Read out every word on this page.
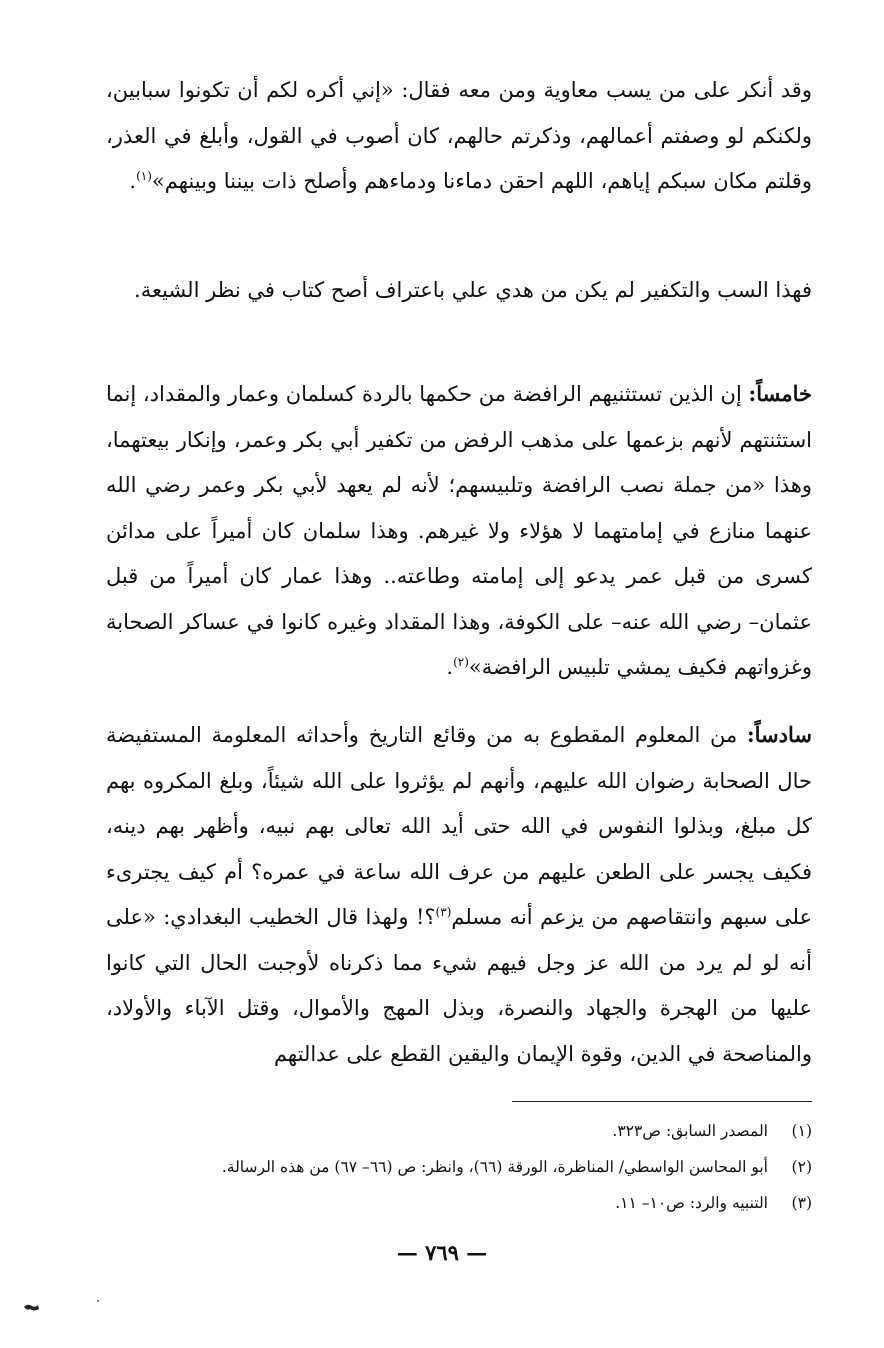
وقد أنكر على من يسب معاوية ومن معه فقال: «إني أكره لكم أن تكونوا سبابين، ولكنكم لو وصفتم أعمالهم، وذكرتم حالهم، كان أصوب في القول، وأبلغ في العذر، وقلتم مكان سبكم إياهم، اللهم احقن دماءنا ودماءهم وأصلح ذات بيننا وبينهم»$^{(١)}$.

فهذا السب والتكفير لم يكن من هدي علي باعتراف أصح كتاب في نظر الشيعة.

خامساً: إن الذين تستثنيهم الرافضة من حكمها بالردة كسلمان وعمار والمقداد، إنما استثنتهم لأنهم بزعمها على مذهب الرفض من تكفير أبي بكر وعمر، وإنكار بيعتهما، وهذا «من جملة نصب الرافضة وتلبيسهم؛ لأنه لم يعهد لأبي بكر وعمر رضي الله عنهما منازع في إمامتهما لا هؤلاء ولا غيرهم. وهذا سلمان كان أميراً على مدائن كسرى من قبل عمر يدعو إلى إمامته وطاعته.. وهذا عمار كان أميراً من قبل عثمان– رضي الله عنه– على الكوفة، وهذا المقداد وغيره كانوا في عساكر الصحابة وغزواتهم فكيف يمشي تلبيس الرافضة»$^{(٢)}$.

سادساً: من المعلوم المقطوع به من وقائع التاريخ وأحداثه المعلومة المستفيضة حال الصحابة رضوان الله عليهم، وأنهم لم يؤثروا على الله شيئاً، وبلغ المكروه بهم كل مبلغ، وبذلوا النفوس في الله حتى أيد الله تعالى بهم نبيه، وأظهر بهم دينه، فكيف يجسر على الطعن عليهم من عرف الله ساعة في عمره؟ أم كيف يجترىء على سبهم وانتقاصهم من يزعم أنه مسلم$^{(٣)}$؟! ولهذا قال الخطيب البغدادي: «على أنه لو لم يرد من الله عز وجل فيهم شيء مما ذكرناه لأوجبت الحال التي كانوا عليها من الهجرة والجهاد والنصرة، وبذل المهج والأموال، وقتل الآباء والأولاد، والمناصحة في الدين، وقوة الإيمان واليقين القطع على عدالتهم

(١)المصدر السابق: ص٣٢٣.
(٢)أبو المحاسن الواسطي/ المناظرة، الورقة (٦٦)، وانظر: ص (٦٦– ٦٧) من هذه الرسالة.
(٣)التنبيه والرد: ص١٠– ١١.
— ٧٦٩ —
